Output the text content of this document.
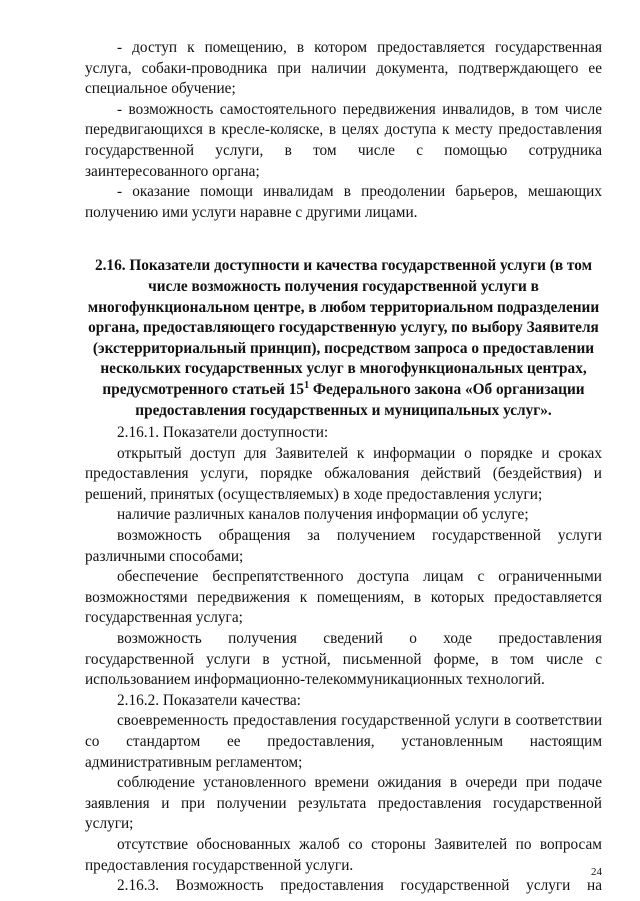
- доступ к помещению, в котором предоставляется государственная услуга, собаки-проводника при наличии документа, подтверждающего ее специальное обучение;

- возможность самостоятельного передвижения инвалидов, в том числе передвигающихся в кресле-коляске, в целях доступа к месту предоставления государственной услуги, в том числе с помощью сотрудника заинтересованного органа;

- оказание помощи инвалидам в преодолении барьеров, мешающих получению ими услуги наравне с другими лицами.

2.16. Показатели доступности и качества государственной услуги (в том числе возможность получения государственной услуги в многофункциональном центре, в любом территориальном подразделении органа, предоставляющего государственную услугу, по выбору Заявителя (экстерриториальный принцип), посредством запроса о предоставлении нескольких государственных услуг в многофункциональных центрах, предусмотренного статьей $15^1$ Федерального закона «Об организации предоставления государственных и муниципальных услуг».

2.16.1. Показатели доступности:

открытый доступ для Заявителей к информации о порядке и сроках предоставления услуги, порядке обжалования действий (бездействия) и решений, принятых (осуществляемых) в ходе предоставления услуги;

наличие различных каналов получения информации об услуге;

возможность обращения за получением государственной услуги различными способами;

обеспечение беспрепятственного доступа лицам с ограниченными возможностями передвижения к помещениям, в которых предоставляется государственная услуга;

возможность получения сведений о ходе предоставления государственной услуги в устной, письменной форме, в том числе с использованием информационно-телекоммуникационных технологий.

2.16.2. Показатели качества:

своевременность предоставления государственной услуги в соответствии со стандартом ее предоставления, установленным настоящим административным регламентом;

соблюдение установленного времени ожидания в очереди при подаче заявления и при получении результата предоставления государственной услуги;

отсутствие обоснованных жалоб со стороны Заявителей по вопросам предоставления государственной услуги.

2.16.3. Возможность предоставления государственной услуги на

24
